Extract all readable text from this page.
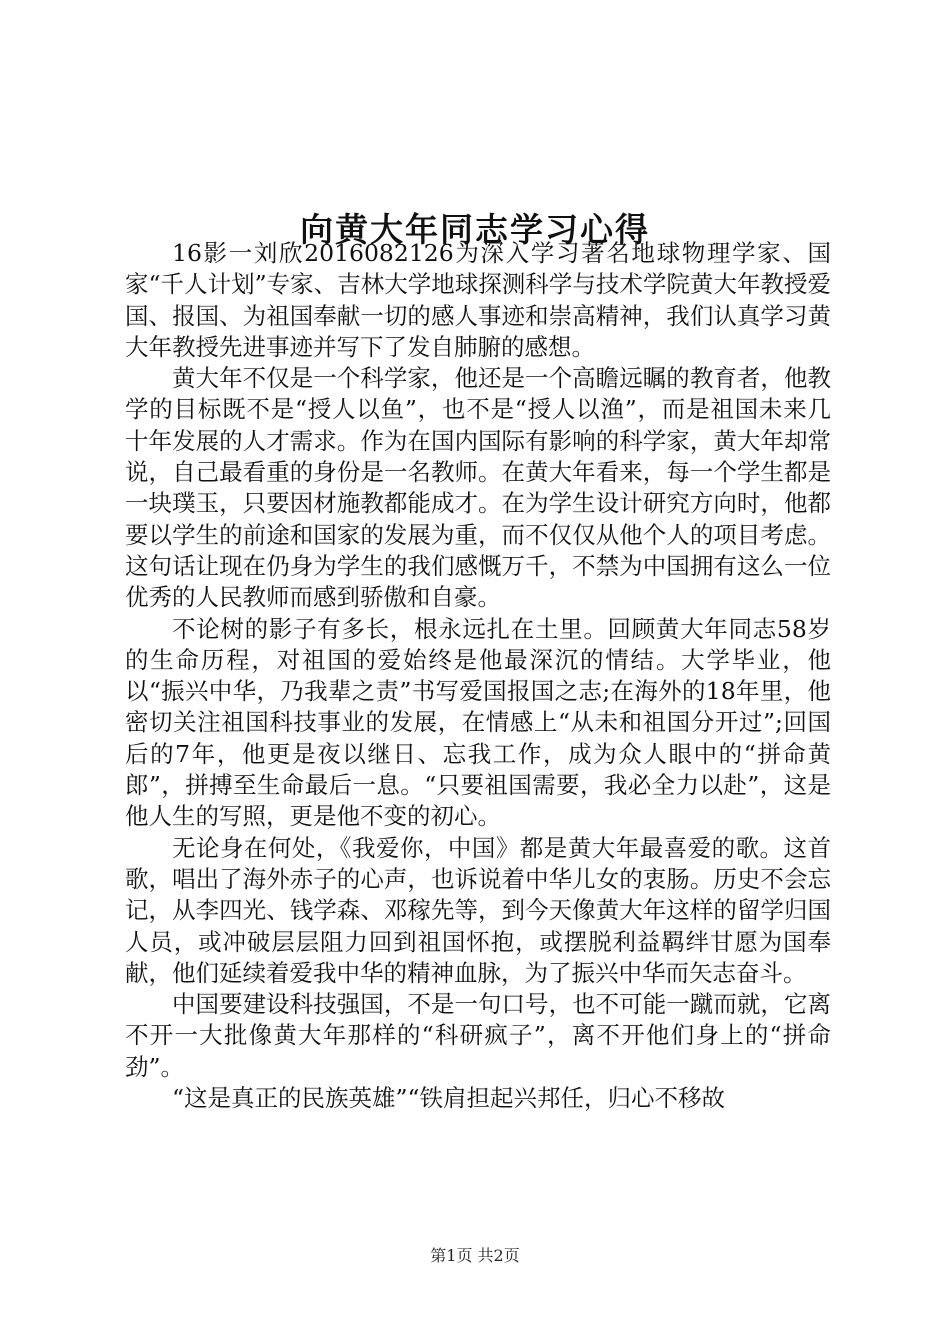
向黄大年同志学习心得

16影一刘欣2016082126为深入学习著名地球物理学家、国家“千人计划”专家、吉林大学地球探测科学与技术学院黄大年教授爱国、报国、为祖国奉献一切的感人事迹和崇高精神，我们认真学习黄大年教授先进事迹并写下了发自肺腑的感想。

黄大年不仅是一个科学家，他还是一个高瞻远瞩的教育者，他教学的目标既不是“授人以鱼”，也不是“授人以渔”，而是祖国未来几十年发展的人才需求。作为在国内国际有影响的科学家，黄大年却常说，自己最看重的身份是一名教师。在黄大年看来，每一个学生都是一块璞玉，只要因材施教都能成才。在为学生设计研究方向时，他都要以学生的前途和国家的发展为重，而不仅仅从他个人的项目考虑。这句话让现在仍身为学生的我们感慨万千，不禁为中国拥有这么一位优秀的人民教师而感到骄傲和自豪。

不论树的影子有多长，根永远扎在土里。回顾黄大年同志58岁的生命历程，对祖国的爱始终是他最深沉的情结。大学毕业，他以“振兴中华，乃我辈之责”书写爱国报国之志;在海外的18年里，他密切关注祖国科技事业的发展，在情感上“从未和祖国分开过”;回国后的7年，他更是夜以继日、忘我工作，成为众人眼中的“拼命黄郎”，拼搏至生命最后一息。“只要祖国需要，我必全力以赴”，这是他人生的写照，更是他不变的初心。

无论身在何处，《我爱你，中国》都是黄大年最喜爱的歌。这首歌，唱出了海外赤子的心声，也诉说着中华儿女的衷肠。历史不会忘记，从李四光、钱学森、邓稼先等，到今天像黄大年这样的留学归国人员，或冲破层层阻力回到祖国怀抱，或摆脱利益羁绊甘愿为国奉献，他们延续着爱我中华的精神血脉，为了振兴中华而矢志奋斗。

中国要建设科技强国，不是一句口号，也不可能一蹴而就，它离不开一大批像黄大年那样的“科研疯子”，离不开他们身上的“拼命劲”。

“这是真正的民族英雄”“铁肩担起兴邦任，归心不移故

第1页 共2页
